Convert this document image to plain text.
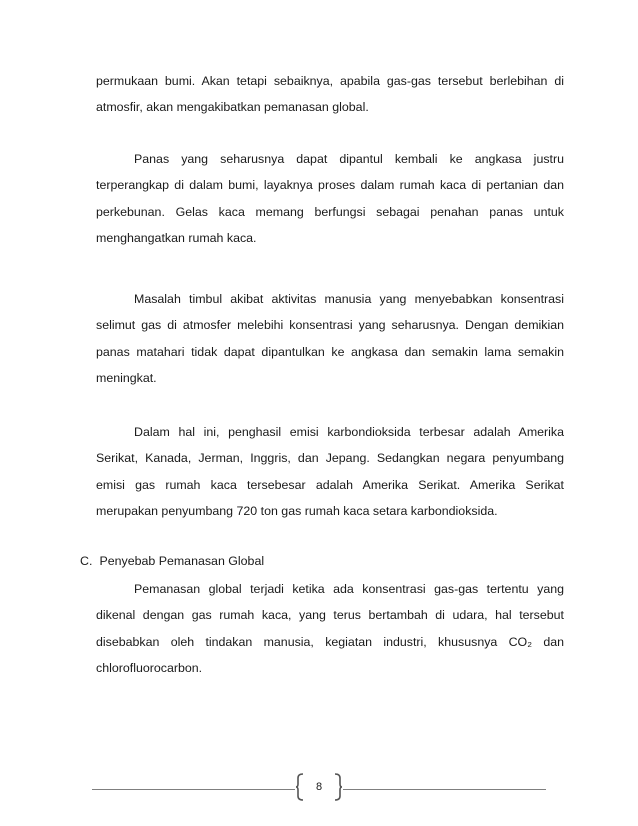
permukaan bumi. Akan tetapi sebaiknya, apabila gas-gas tersebut berlebihan di atmosfir, akan mengakibatkan pemanasan global.

Panas yang seharusnya dapat dipantul kembali ke angkasa justru terperangkap di dalam bumi, layaknya proses dalam rumah kaca di pertanian dan perkebunan. Gelas kaca memang berfungsi sebagai penahan panas untuk menghangatkan rumah kaca.

Masalah timbul akibat aktivitas manusia yang menyebabkan konsentrasi selimut gas di atmosfer melebihi konsentrasi yang seharusnya. Dengan demikian panas matahari tidak dapat dipantulkan ke angkasa dan semakin lama semakin meningkat.

Dalam hal ini, penghasil emisi karbondioksida terbesar adalah Amerika Serikat, Kanada, Jerman, Inggris, dan Jepang. Sedangkan negara penyumbang emisi gas rumah kaca tersebesar adalah Amerika Serikat. Amerika Serikat merupakan penyumbang 720 ton gas rumah kaca setara karbondioksida.

C. Penyebab Pemanasan Global

Pemanasan global terjadi ketika ada konsentrasi gas-gas tertentu yang dikenal dengan gas rumah kaca, yang terus bertambah di udara, hal tersebut disebabkan oleh tindakan manusia, kegiatan industri, khususnya CO₂ dan chlorofluorocarbon.

8
